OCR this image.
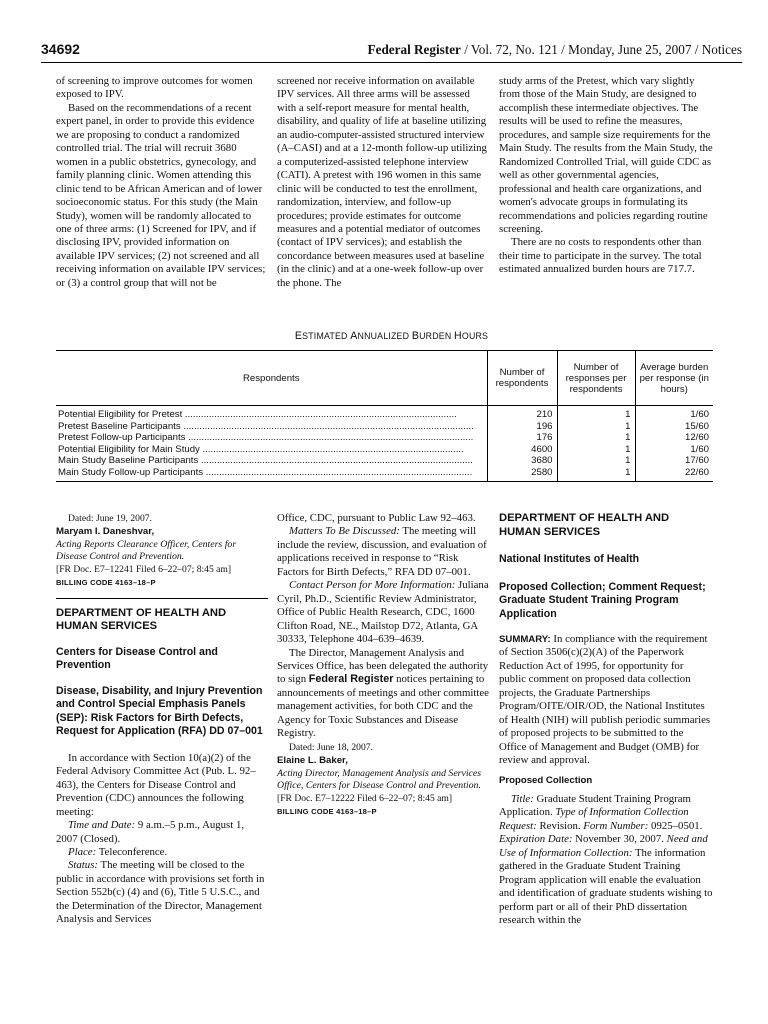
34692	Federal Register / Vol. 72, No. 121 / Monday, June 25, 2007 / Notices

of screening to improve outcomes for women exposed to IPV.

Based on the recommendations of a recent expert panel, in order to provide this evidence we are proposing to conduct a randomized controlled trial. The trial will recruit 3680 women in a public obstetrics, gynecology, and family planning clinic. Women attending this clinic tend to be African American and of lower socioeconomic status. For this study (the Main Study), women will be randomly allocated to one of three arms: (1) Screened for IPV, and if disclosing IPV, provided information on available IPV services; (2) not screened and all receiving information on available IPV services; or (3) a control group that will not be

screened nor receive information on available IPV services. All three arms will be assessed with a self-report measure for mental health, disability, and quality of life at baseline utilizing an audio-computer-assisted structured interview (A–CASI) and at a 12-month follow-up utilizing a computerized-assisted telephone interview (CATI). A pretest with 196 women in this same clinic will be conducted to test the enrollment, randomization, interview, and follow-up procedures; provide estimates for outcome measures and a potential mediator of outcomes (contact of IPV services); and establish the concordance between measures used at baseline (in the clinic) and at a one-week follow-up over the phone. The

study arms of the Pretest, which vary slightly from those of the Main Study, are designed to accomplish these intermediate objectives. The results will be used to refine the measures, procedures, and sample size requirements for the Main Study. The results from the Main Study, the Randomized Controlled Trial, will guide CDC as well as other governmental agencies, professional and health care organizations, and women's advocate groups in formulating its recommendations and policies regarding routine screening.

There are no costs to respondents other than their time to participate in the survey. The total estimated annualized burden hours are 717.7.

ESTIMATED ANNUALIZED BURDEN HOURS
Respondents	Number of respondents	Number of responses per respondents	Average burden per response (in hours)
Potential Eligibility for Pretest ......................................................................................................	210	1	1/60
Pretest Baseline Participants .............................................................................................................	196	1	15/60
Pretest Follow-up Participants ...........................................................................................................	176	1	12/60
Potential Eligibility for Main Study ..................................................................................................	4600	1	1/60
Main Study Baseline Participants ......................................................................................................	3680	1	17/60
Main Study Follow-up Participants ....................................................................................................	2580	1	22/60

Dated: June 19, 2007.

Maryam I. Daneshvar,

Acting Reports Clearance Officer, Centers for Disease Control and Prevention.

[FR Doc. E7–12241 Filed 6–22–07; 8:45 am]

BILLING CODE 4163–18–P

DEPARTMENT OF HEALTH AND HUMAN SERVICES

Centers for Disease Control and Prevention

Disease, Disability, and Injury Prevention and Control Special Emphasis Panels (SEP): Risk Factors for Birth Defects, Request for Application (RFA) DD 07–001

In accordance with Section 10(a)(2) of the Federal Advisory Committee Act (Pub. L. 92–463), the Centers for Disease Control and Prevention (CDC) announces the following meeting:

Time and Date: 9 a.m.–5 p.m., August 1, 2007 (Closed).

Place: Teleconference.

Status: The meeting will be closed to the public in accordance with provisions set forth in Section 552b(c) (4) and (6), Title 5 U.S.C., and the Determination of the Director, Management Analysis and Services

Office, CDC, pursuant to Public Law 92–463.

Matters To Be Discussed: The meeting will include the review, discussion, and evaluation of applications received in response to “Risk Factors for Birth Defects,” RFA DD 07–001.

Contact Person for More Information: Juliana Cyril, Ph.D., Scientific Review Administrator, Office of Public Health Research, CDC, 1600 Clifton Road, NE., Mailstop D72, Atlanta, GA 30333, Telephone 404–639–4639.

The Director, Management Analysis and Services Office, has been delegated the authority to sign Federal Register notices pertaining to announcements of meetings and other committee management activities, for both CDC and the Agency for Toxic Substances and Disease Registry.

Dated: June 18, 2007.

Elaine L. Baker,

Acting Director, Management Analysis and Services Office, Centers for Disease Control and Prevention.

[FR Doc. E7–12222 Filed 6–22–07; 8:45 am]

BILLING CODE 4163–18–P

DEPARTMENT OF HEALTH AND HUMAN SERVICES

National Institutes of Health

Proposed Collection; Comment Request; Graduate Student Training Program Application

SUMMARY: In compliance with the requirement of Section 3506(c)(2)(A) of the Paperwork Reduction Act of 1995, for opportunity for public comment on proposed data collection projects, the Graduate Partnerships Program/OITE/OIR/OD, the National Institutes of Health (NIH) will publish periodic summaries of proposed projects to be submitted to the Office of Management and Budget (OMB) for review and approval.

Proposed Collection

Title: Graduate Student Training Program Application. Type of Information Collection Request: Revision. Form Number: 0925–0501. Expiration Date: November 30, 2007. Need and Use of Information Collection: The information gathered in the Graduate Student Training Program application will enable the evaluation and identification of graduate students wishing to perform part or all of their PhD dissertation research within the
